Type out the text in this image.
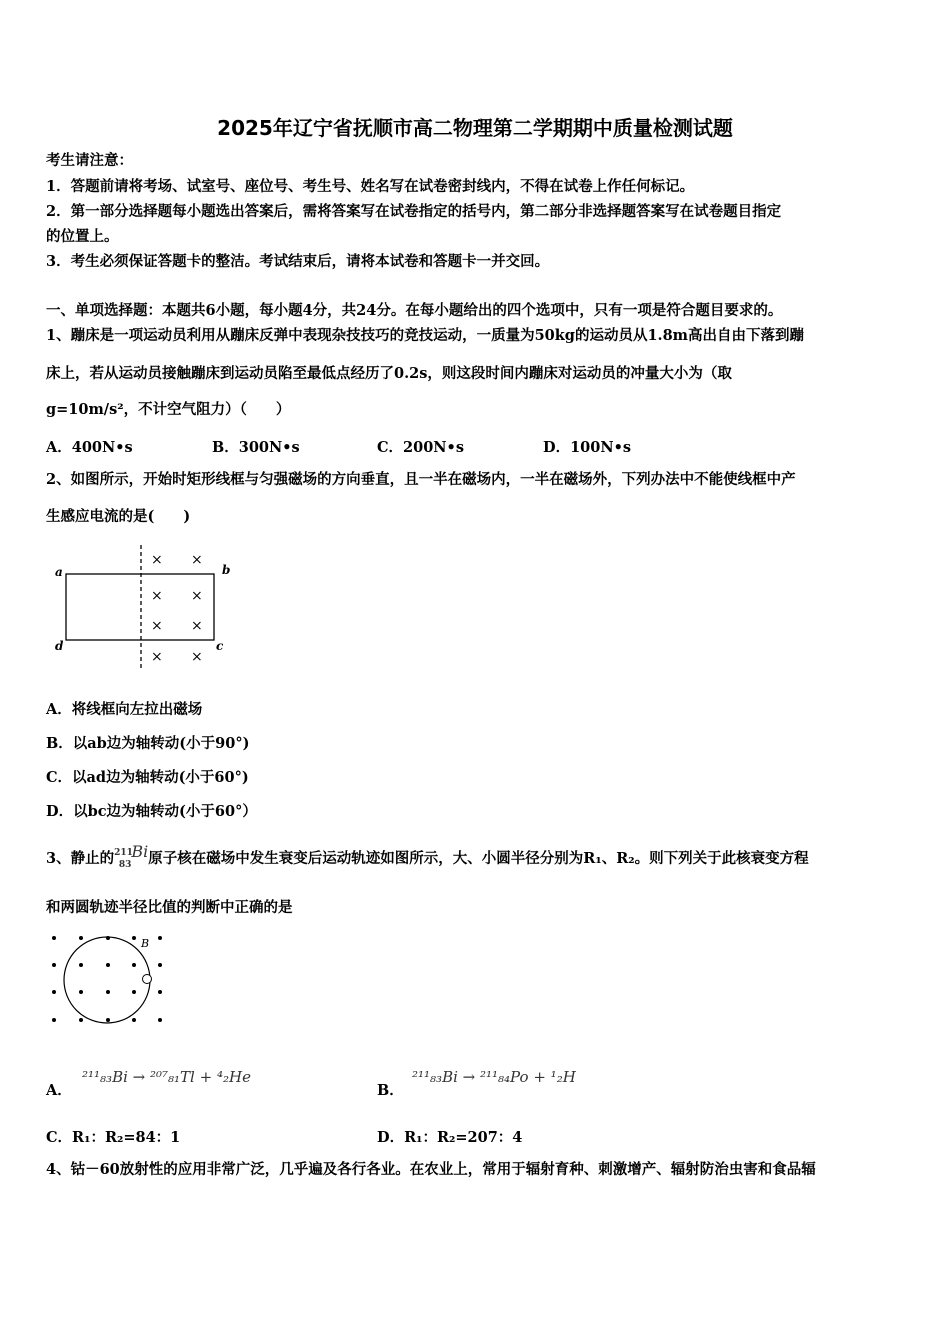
2025年辽宁省抚顺市高二物理第二学期期中质量检测试题
考生请注意：
1．答题前请将考场、试室号、座位号、考生号、姓名写在试卷密封线内，不得在试卷上作任何标记。
2．第一部分选择题每小题选出答案后，需将答案写在试卷指定的括号内，第二部分非选择题答案写在试卷题目指定
的位置上。
3．考生必须保证答题卡的整洁。考试结束后，请将本试卷和答题卡一并交回。
一、单项选择题：本题共6小题，每小题4分，共24分。在每小题给出的四个选项中，只有一项是符合题目要求的。
1、蹦床是一项运动员利用从蹦床反弹中表现杂技技巧的竞技运动，一质量为50kg的运动员从1.8m高出自由下落到蹦
床上，若从运动员接触蹦床到运动员陷至最低点经历了0.2s，则这段时间内蹦床对运动员的冲量大小为（取
g=10m/s²，不计空气阻力）（　　）
A．400N•s	B．300N•s	C．200N•s	D．100N•s
2、如图所示，开始时矩形线框与匀强磁场的方向垂直，且一半在磁场内，一半在磁场外，下列办法中不能使线框中产
生感应电流的是(　　)
a	b
c
d
× ×
× ×
× ×
× ×
A．将线框向左拉出磁场
B．以ab边为轴转动(小于90°)
C．以ad边为轴转动(小于60°)
D．以bc边为轴转动(小于60°）
3、静止的$^{211}_{83}$Bi原子核在磁场中发生衰变后运动轨迹如图所示，大、小圆半径分别为R₁、R₂。则下列关于此核衰变方程
和两圆轨迹半径比值的判断中正确的是
B
A．
²¹¹₈₃Bi → ²⁰⁷₈₁Tl + ⁴₂He
B．
²¹¹₈₃Bi → ²¹¹₈₄Po + ¹₂H
C．R₁：R₂=84：1	D．R₁：R₂=207：4
4、钴－60放射性的应用非常广泛，几乎遍及各行各业。在农业上，常用于辐射育种、刺激增产、辐射防治虫害和食品辐
